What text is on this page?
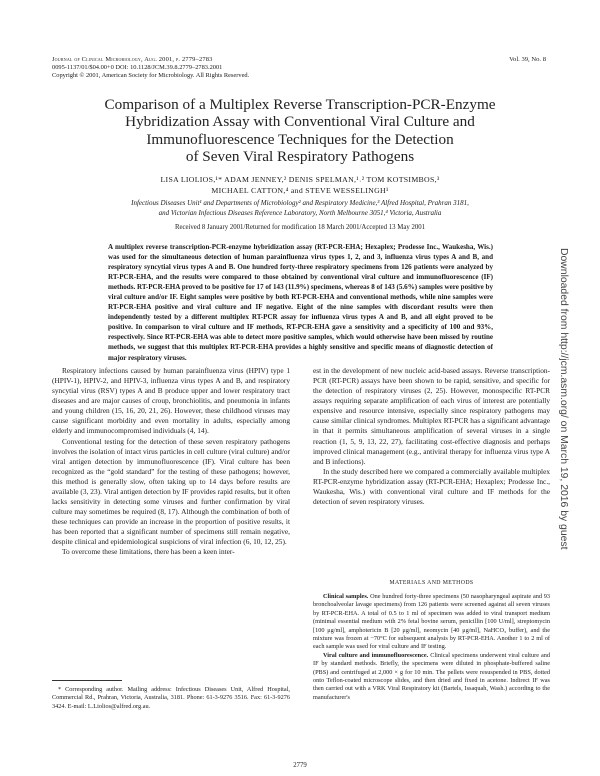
Journal of Clinical Microbiology, Aug. 2001, p. 2779–2783
0095-1137/01/$04.00+0 DOI: 10.1128/JCM.39.8.2779–2783.2001
Copyright © 2001, American Society for Microbiology. All Rights Reserved.
Vol. 39, No. 8
Comparison of a Multiplex Reverse Transcription-PCR-Enzyme
Hybridization Assay with Conventional Viral Culture and
Immunofluorescence Techniques for the Detection
of Seven Viral Respiratory Pathogens
LISA LIOLIOS,¹* ADAM JENNEY,² DENIS SPELMAN,¹˒² TOM KOTSIMBOS,³
MICHAEL CATTON,⁴ and STEVE WESSELINGH¹
Infectious Diseases Unit¹ and Departments of Microbiology² and Respiratory Medicine,³ Alfred Hospital, Prahran 3181,
and Victorian Infectious Diseases Reference Laboratory, North Melbourne 3051,⁴ Victoria, Australia
Received 8 January 2001/Returned for modification 18 March 2001/Accepted 13 May 2001
A multiplex reverse transcription-PCR-enzyme hybridization assay (RT-PCR-EHA; Hexaplex; Prodesse Inc., Waukesha, Wis.) was used for the simultaneous detection of human parainfluenza virus types 1, 2, and 3, influenza virus types A and B, and respiratory syncytial virus types A and B. One hundred forty-three respiratory specimens from 126 patients were analyzed by RT-PCR-EHA, and the results were compared to those obtained by conventional viral culture and immunofluorescence (IF) methods. RT-PCR-EHA proved to be positive for 17 of 143 (11.9%) specimens, whereas 8 of 143 (5.6%) samples were positive by viral culture and/or IF. Eight samples were positive by both RT-PCR-EHA and conventional methods, while nine samples were RT-PCR-EHA positive and viral culture and IF negative. Eight of the nine samples with discordant results were then independently tested by a different multiplex RT-PCR assay for influenza virus types A and B, and all eight proved to be positive. In comparison to viral culture and IF methods, RT-PCR-EHA gave a sensitivity and a specificity of 100 and 93%, respectively. Since RT-PCR-EHA was able to detect more positive samples, which would otherwise have been missed by routine methods, we suggest that this multiplex RT-PCR-EHA provides a highly sensitive and specific means of diagnostic detection of major respiratory viruses.	Downloaded from http://jcm.asm.org/ on March 19, 2016 by guest

Respiratory infections caused by human parainfluenza virus (HPIV) type 1 (HPIV-1), HPIV-2, and HPIV-3, influenza virus types A and B, and respiratory syncytial virus (RSV) types A and B produce upper and lower respiratory tract diseases and are major causes of croup, bronchiolitis, and pneumonia in infants and young children (15, 16, 20, 21, 26). However, these childhood viruses may cause significant morbidity and even mortality in adults, especially among elderly and immunocompromised individuals (4, 14).

Conventional testing for the detection of these seven respiratory pathogens involves the isolation of intact virus particles in cell culture (viral culture) and/or viral antigen detection by immunofluorescence (IF). Viral culture has been recognized as the “gold standard” for the testing of these pathogens; however, this method is generally slow, often taking up to 14 days before results are available (3, 23). Viral antigen detection by IF provides rapid results, but it often lacks sensitivity in detecting some viruses and further confirmation by viral culture may sometimes be required (8, 17). Although the combination of both of these techniques can provide an increase in the proportion of positive results, it has been reported that a significant number of specimens still remain negative, despite clinical and epidemiological suspicions of viral infection (6, 10, 12, 25).

To overcome these limitations, there has been a keen inter-

est in the development of new nucleic acid-based assays. Reverse transcription-PCR (RT-PCR) assays have been shown to be rapid, sensitive, and specific for the detection of respiratory viruses (2, 25). However, monospecific RT-PCR assays requiring separate amplification of each virus of interest are potentially expensive and resource intensive, especially since respiratory pathogens may cause similar clinical syndromes. Multiplex RT-PCR has a significant advantage in that it permits simultaneous amplification of several viruses in a single reaction (1, 5, 9, 13, 22, 27), facilitating cost-effective diagnosis and perhaps improved clinical management (e.g., antiviral therapy for influenza virus type A and B infections).

In the study described here we compared a commercially available multiplex RT-PCR-enzyme hybridization assay (RT-PCR-EHA; Hexaplex; Prodesse Inc., Waukesha, Wis.) with conventional viral culture and IF methods for the detection of seven respiratory viruses.

MATERIALS AND METHODS

Clinical samples. One hundred forty-three specimens (50 nasopharyngeal aspirate and 93 bronchoalveolar lavage specimens) from 126 patients were screened against all seven viruses by RT-PCR-EHA. A total of 0.5 to 1 ml of specimen was added to viral transport medium (minimal essential medium with 2% fetal bovine serum, penicillin [100 U/ml], streptomycin [100 μg/ml], amphotericin B [20 μg/ml], neomycin [40 μg/ml], NaHCO₃ buffer), and the mixture was frozen at −70°C for subsequent analysis by RT-PCR-EHA. Another 1 to 2 ml of each sample was used for viral culture and IF testing.

Viral culture and immunofluorescence. Clinical specimens underwent viral culture and IF by standard methods. Briefly, the specimens were diluted in phosphate-buffered saline (PBS) and centrifuged at 2,000 × g for 10 min. The pellets were resuspended in PBS, dotted onto Teflon-coated microscope slides, and then dried and fixed in acetone. Indirect IF was then carried out with a VRK Viral Respiratory kit (Bartels, Issaquah, Wash.) according to the manufacturer's

* Corresponding author. Mailing address: Infectious Diseases Unit, Alfred Hospital, Commercial Rd., Prahran, Victoria, Australia, 3181. Phone: 61-3-9276 3516. Fax: 61-3-9276 3424. E-mail: L.Liolios@alfred.org.au.

2779
